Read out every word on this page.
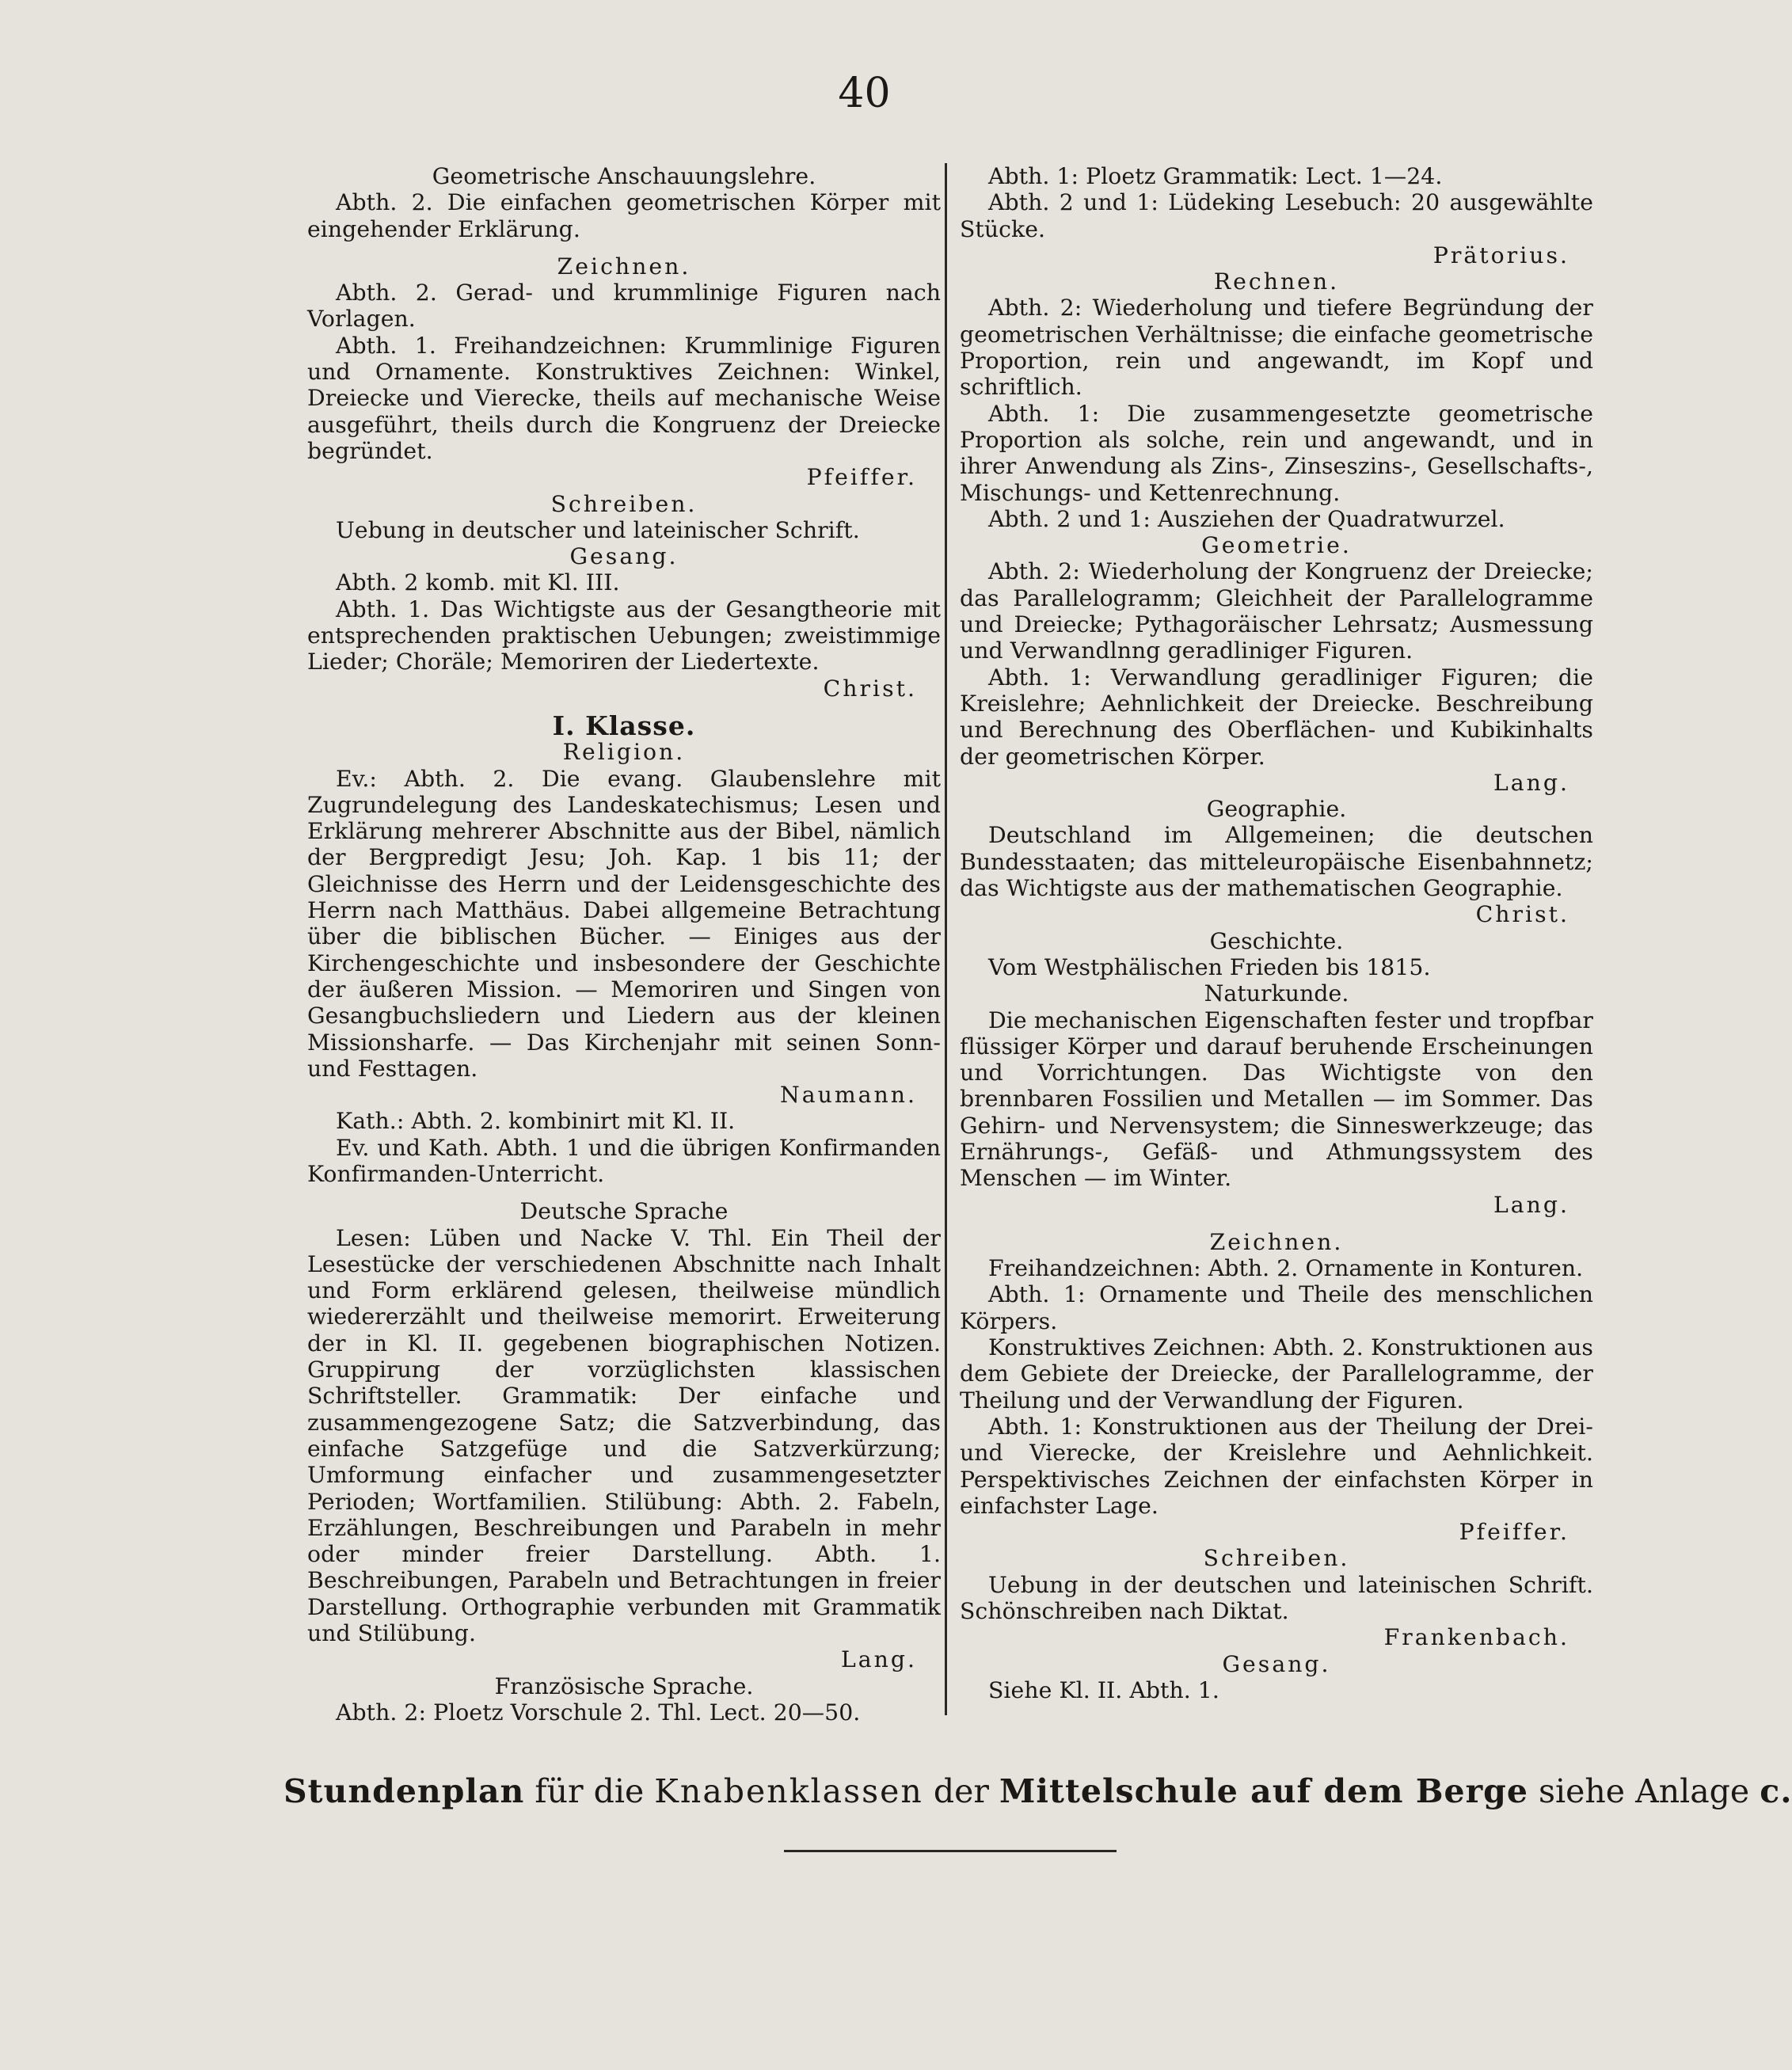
40
Geometrische Anschauungslehre.
Abth. 2. Die einfachen geometrischen Körper mit eingehender Erklärung.
Zeichnen.
Abth. 2. Gerad- und krummlinige Figuren nach Vorlagen.
Abth. 1. Freihandzeichnen: Krummlinige Figuren und Ornamente. Konstruktives Zeichnen: Winkel, Dreiecke und Vierecke, theils auf mechanische Weise ausgeführt, theils durch die Kongruenz der Dreiecke begründet.
Pfeiffer.
Schreiben.
Uebung in deutscher und lateinischer Schrift.
Gesang.
Abth. 2 komb. mit Kl. III.
Abth. 1. Das Wichtigste aus der Gesangtheorie mit entsprechenden praktischen Uebungen; zweistimmige Lieder; Choräle; Memoriren der Liedertexte.
Christ.
I. Klasse.
Religion.
Ev.: Abth. 2. Die evang. Glaubenslehre mit Zugrundelegung des Landeskatechismus; Lesen und Erklärung mehrerer Abschnitte aus der Bibel, nämlich der Bergpredigt Jesu; Joh. Kap. 1 bis 11; der Gleichnisse des Herrn und der Leidensgeschichte des Herrn nach Matthäus. Dabei allgemeine Betrachtung über die biblischen Bücher. — Einiges aus der Kirchengeschichte und insbesondere der Geschichte der äußeren Mission. — Memoriren und Singen von Gesangbuchsliedern und Liedern aus der kleinen Missionsharfe. — Das Kirchenjahr mit seinen Sonn- und Festtagen.
Naumann.
Kath.: Abth. 2. kombinirt mit Kl. II.
Ev. und Kath. Abth. 1 und die übrigen Konfirmanden Konfirmanden-Unterricht.
Deutsche Sprache
Lesen: Lüben und Nacke V. Thl. Ein Theil der Lesestücke der verschiedenen Abschnitte nach Inhalt und Form erklärend gelesen, theilweise mündlich wiedererzählt und theilweise memorirt. Erweiterung der in Kl. II. gegebenen biographischen Notizen. Gruppirung der vorzüglichsten klassischen Schriftsteller. Grammatik: Der einfache und zusammengezogene Satz; die Satzverbindung, das einfache Satzgefüge und die Satzverkürzung; Umformung einfacher und zusammengesetzter Perioden; Wortfamilien. Stilübung: Abth. 2. Fabeln, Erzählungen, Beschreibungen und Parabeln in mehr oder minder freier Darstellung. Abth. 1. Beschreibungen, Parabeln und Betrachtungen in freier Darstellung. Orthographie verbunden mit Grammatik und Stilübung.
Lang.
Französische Sprache.
Abth. 2: Ploetz Vorschule 2. Thl. Lect. 20—50.
Abth. 1: Ploetz Grammatik: Lect. 1—24.
Abth. 2 und 1: Lüdeking Lesebuch: 20 ausgewählte Stücke.
Prätorius.
Rechnen.
Abth. 2: Wiederholung und tiefere Begründung der geometrischen Verhältnisse; die einfache geometrische Proportion, rein und angewandt, im Kopf und schriftlich.
Abth. 1: Die zusammengesetzte geometrische Proportion als solche, rein und angewandt, und in ihrer Anwendung als Zins-, Zinseszins-, Gesellschafts-, Mischungs- und Kettenrechnung.
Abth. 2 und 1: Ausziehen der Quadratwurzel.
Geometrie.
Abth. 2: Wiederholung der Kongruenz der Dreiecke; das Parallelogramm; Gleichheit der Parallelogramme und Dreiecke; Pythagoräischer Lehrsatz; Ausmessung und Verwandlnng geradliniger Figuren.
Abth. 1: Verwandlung geradliniger Figuren; die Kreislehre; Aehnlichkeit der Dreiecke. Beschreibung und Berechnung des Oberflächen- und Kubikinhalts der geometrischen Körper.
Lang.
Geographie.
Deutschland im Allgemeinen; die deutschen Bundesstaaten; das mitteleuropäische Eisenbahnnetz; das Wichtigste aus der mathematischen Geographie.
Christ.
Geschichte.
Vom Westphälischen Frieden bis 1815.
Naturkunde.
Die mechanischen Eigenschaften fester und tropfbar flüssiger Körper und darauf beruhende Erscheinungen und Vorrichtungen. Das Wichtigste von den brennbaren Fossilien und Metallen — im Sommer. Das Gehirn- und Nervensystem; die Sinneswerkzeuge; das Ernährungs-, Gefäß- und Athmungssystem des Menschen — im Winter.
Lang.
Zeichnen.
Freihandzeichnen: Abth. 2. Ornamente in Konturen.
Abth. 1: Ornamente und Theile des menschlichen Körpers.
Konstruktives Zeichnen: Abth. 2. Konstruktionen aus dem Gebiete der Dreiecke, der Parallelogramme, der Theilung und der Verwandlung der Figuren.
Abth. 1: Konstruktionen aus der Theilung der Drei- und Vierecke, der Kreislehre und Aehnlichkeit. Perspektivisches Zeichnen der einfachsten Körper in einfachster Lage.
Pfeiffer.
Schreiben.
Uebung in der deutschen und lateinischen Schrift. Schönschreiben nach Diktat.
Frankenbach.
Gesang.
Siehe Kl. II. Abth. 1.
Stundenplan für die Knabenklassen der Mittelschule auf dem Berge siehe Anlage c.
